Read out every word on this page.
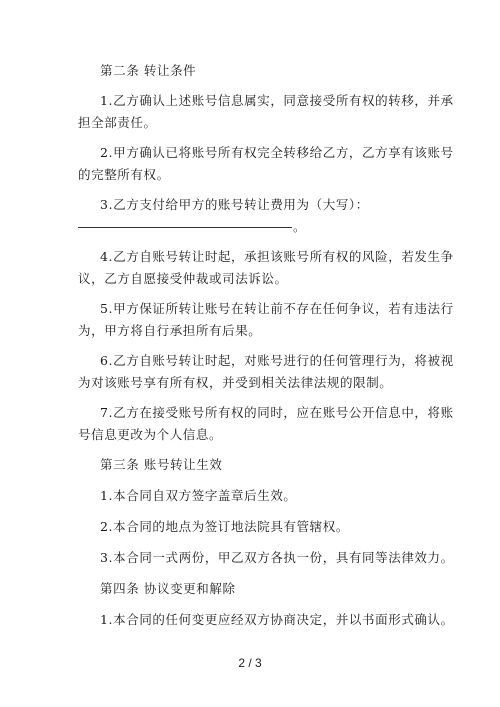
第二条 转让条件
1.乙方确认上述账号信息属实，同意接受所有权的转移，并承
担全部责任。
2.甲方确认已将账号所有权完全转移给乙方，乙方享有该账号
的完整所有权。
3.乙方支付给甲方的账号转让费用为（大写）：
。
4.乙方自账号转让时起，承担该账号所有权的风险，若发生争
议，乙方自愿接受仲裁或司法诉讼。
5.甲方保证所转让账号在转让前不存在任何争议，若有违法行
为，甲方将自行承担所有后果。
6.乙方自账号转让时起，对账号进行的任何管理行为，将被视
为对该账号享有所有权，并受到相关法律法规的限制。
7.乙方在接受账号所有权的同时，应在账号公开信息中，将账
号信息更改为个人信息。
第三条 账号转让生效
1.本合同自双方签字盖章后生效。
2.本合同的地点为签订地法院具有管辖权。
3.本合同一式两份，甲乙双方各执一份，具有同等法律效力。
第四条 协议变更和解除
1.本合同的任何变更应经双方协商决定，并以书面形式确认。
2 / 3
